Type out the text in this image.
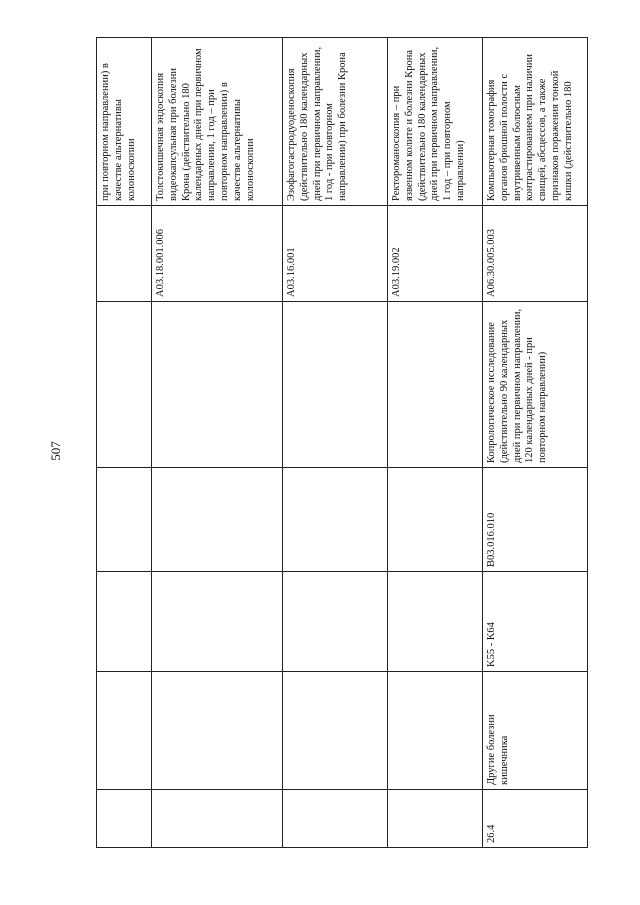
507
						при повторном направлении) в качестве альтернативы колоноскопии
					A03.18.001.006	Толстокишечная эндоскопия видеокапсульная при болезни Крона (действительно 180 календарных дней при первичном направлении, 1 год – при повторном направлении) в качестве альтернативы колоноскопии
					A03.16.001	Эзофагогастродуоденоскопия (действительно 180 календарных дней при первичном направлении, 1 год - при повторном направлении) при болезни Крона
					A03.19.002	Ректороманоскопия – при язвенном колите и болезни Крона (действительно 180 календарных дней при первичном направлении, 1 год – при повторном направлении)
26.4	Другие болезни кишечника	K55 - K64	B03.016.010	Копрологическое исследование (действительно 90 календарных дней при первичном направлении, 120 календарных дней - при повторном направлении)	A06.30.005.003	Компьютерная томография органов брюшной полости с внутривенным болюсным контрастированием при наличии свищей, абсцессов, а также признаков поражения тонкой кишки (действительно 180
